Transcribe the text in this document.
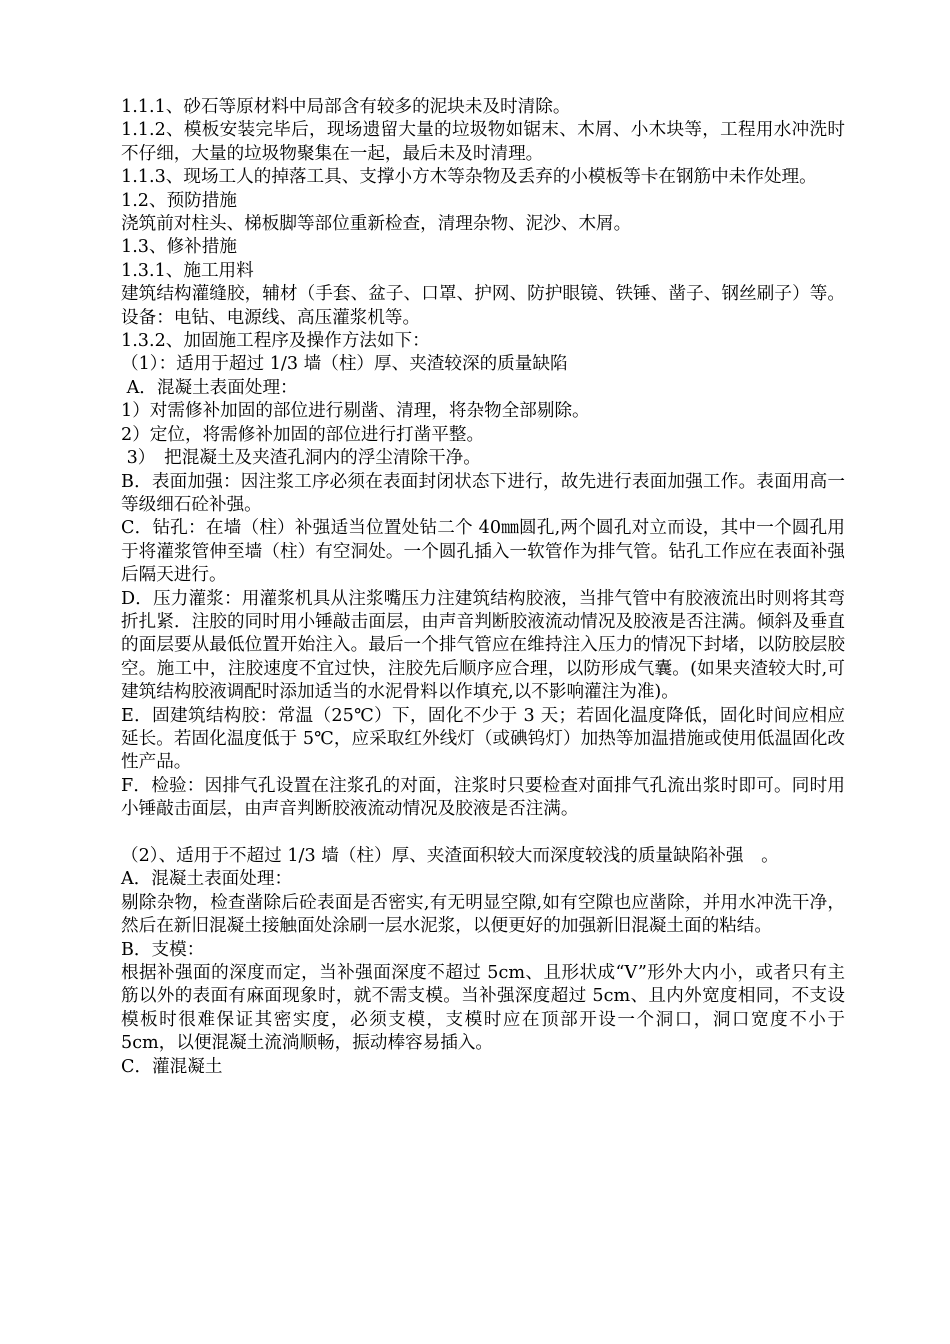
1.1.1、砂石等原材料中局部含有较多的泥块未及时清除。

1.1.2、模板安装完毕后，现场遗留大量的垃圾物如锯末、木屑、小木块等，工程用水冲洗时不仔细，大量的垃圾物聚集在一起，最后未及时清理。

1.1.3、现场工人的掉落工具、支撑小方木等杂物及丢弃的小模板等卡在钢筋中未作处理。

1.2、预防措施

浇筑前对柱头、梯板脚等部位重新检查，清理杂物、泥沙、木屑。

1.3、修补措施

1.3.1、施工用料

建筑结构灌缝胶，辅材（手套、盆子、口罩、护网、防护眼镜、铁锤、凿子、钢丝刷子）等。设备：电钻、电源线、高压灌浆机等。

1.3.2、加固施工程序及操作方法如下：

（1）：适用于超过 1/3 墙（柱）厚、夹渣较深的质量缺陷

A．混凝土表面处理：

1）对需修补加固的部位进行剔凿、清理，将杂物全部剔除。

2）定位，将需修补加固的部位进行打凿平整。

3）　把混凝土及夹渣孔洞内的浮尘清除干净。

B．表面加强：因注浆工序必须在表面封闭状态下进行，故先进行表面加强工作。表面用高一等级细石砼补强。

C．钻孔：在墙（柱）补强适当位置处钻二个 40㎜圆孔,两个圆孔对立而设，其中一个圆孔用于将灌浆管伸至墙（柱）有空洞处。一个圆孔插入一软管作为排气管。钻孔工作应在表面补强后隔天进行。

D．压力灌浆：用灌浆机具从注浆嘴压力注建筑结构胶液，当排气管中有胶液流出时则将其弯折扎紧．注胶的同时用小锤敲击面层，由声音判断胶液流动情况及胶液是否注满。倾斜及垂直的面层要从最低位置开始注入。最后一个排气管应在维持注入压力的情况下封堵，以防胶层胶空。施工中，注胶速度不宜过快，注胶先后顺序应合理，以防形成气囊。(如果夹渣较大时,可建筑结构胶液调配时添加适当的水泥骨料以作填充,以不影响灌注为准)。

E．固建筑结构胶：常温（25℃）下，固化不少于 3 天；若固化温度降低，固化时间应相应延长。若固化温度低于 5℃，应采取红外线灯（或碘钨灯）加热等加温措施或使用低温固化改性产品。

F．检验：因排气孔设置在注浆孔的对面，注浆时只要检查对面排气孔流出浆时即可。同时用小锤敲击面层，由声音判断胶液流动情况及胶液是否注满。

（2）、适用于不超过 1/3 墙（柱）厚、夹渣面积较大而深度较浅的质量缺陷补强　。

A．混凝土表面处理：

剔除杂物，检查凿除后砼表面是否密实,有无明显空隙,如有空隙也应凿除，并用水冲洗干净，然后在新旧混凝土接触面处涂刷一层水泥浆，以便更好的加强新旧混凝土面的粘结。

B．支模：

根据补强面的深度而定，当补强面深度不超过 5cm、且形状成“V”形外大内小，或者只有主筋以外的表面有麻面现象时，就不需支模。当补强深度超过 5cm、且内外宽度相同，不支设模板时很难保证其密实度，必须支模，支模时应在顶部开设一个洞口，洞口宽度不小于 5cm，以便混凝土流淌顺畅，振动棒容易插入。

C．灌混凝土
